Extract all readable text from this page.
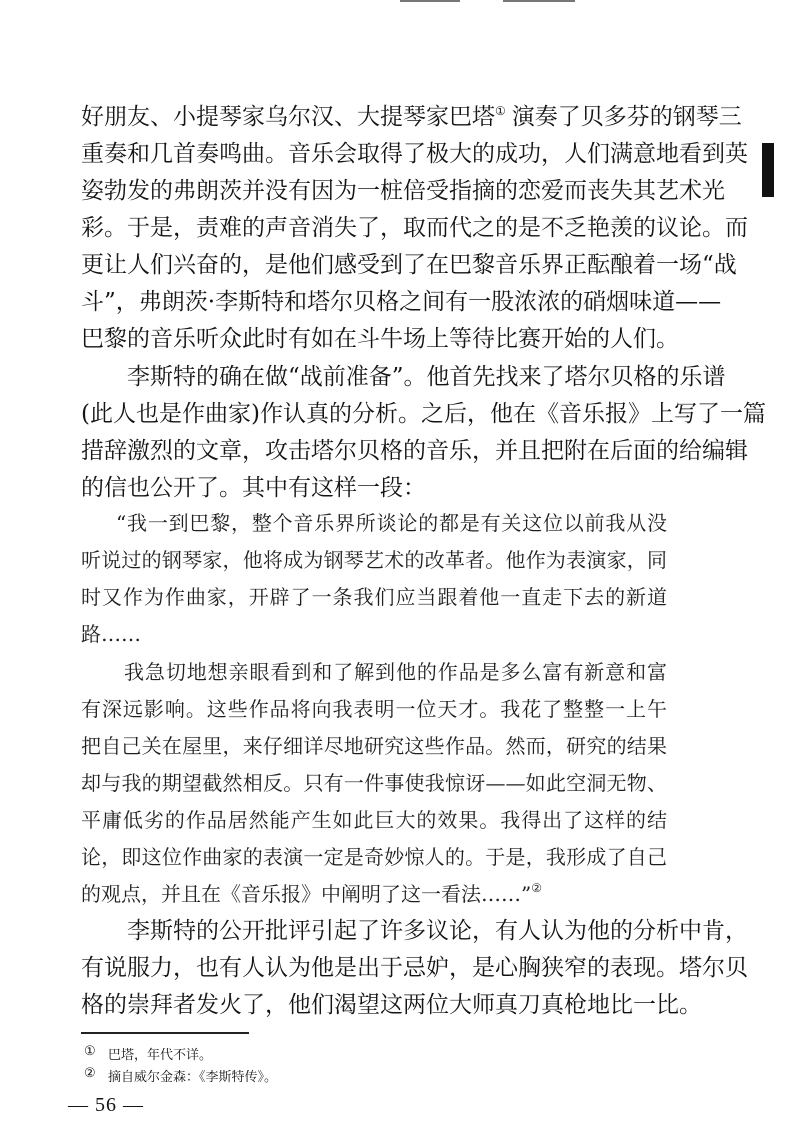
好朋友、小提琴家乌尔汉、大提琴家巴塔① 演奏了贝多芬的钢琴三
重奏和几首奏鸣曲。音乐会取得了极大的成功，人们满意地看到英
姿勃发的弗朗茨并没有因为一桩倍受指摘的恋爱而丧失其艺术光
彩。于是，责难的声音消失了，取而代之的是不乏艳羡的议论。而
更让人们兴奋的，是他们感受到了在巴黎音乐界正酝酿着一场“战
斗”，弗朗茨·李斯特和塔尔贝格之间有一股浓浓的硝烟味道——
巴黎的音乐听众此时有如在斗牛场上等待比赛开始的人们。
李斯特的确在做“战前准备”。他首先找来了塔尔贝格的乐谱
(此人也是作曲家)作认真的分析。之后，他在《音乐报》上写了一篇
措辞激烈的文章，攻击塔尔贝格的音乐，并且把附在后面的给编辑
的信也公开了。其中有这样一段：
“我一到巴黎，整个音乐界所谈论的都是有关这位以前我从没
听说过的钢琴家，他将成为钢琴艺术的改革者。他作为表演家，同
时又作为作曲家，开辟了一条我们应当跟着他一直走下去的新道
路……
我急切地想亲眼看到和了解到他的作品是多么富有新意和富
有深远影响。这些作品将向我表明一位天才。我花了整整一上午
把自己关在屋里，来仔细详尽地研究这些作品。然而，研究的结果
却与我的期望截然相反。只有一件事使我惊讶——如此空洞无物、
平庸低劣的作品居然能产生如此巨大的效果。我得出了这样的结
论，即这位作曲家的表演一定是奇妙惊人的。于是，我形成了自己
的观点，并且在《音乐报》中阐明了这一看法……”②
李斯特的公开批评引起了许多议论，有人认为他的分析中肯，
有说服力，也有人认为他是出于忌妒，是心胸狭窄的表现。塔尔贝
格的崇拜者发火了，他们渴望这两位大师真刀真枪地比一比。
① 巴塔，年代不详。
② 摘自威尔金森：《李斯特传》。
— 56 —
